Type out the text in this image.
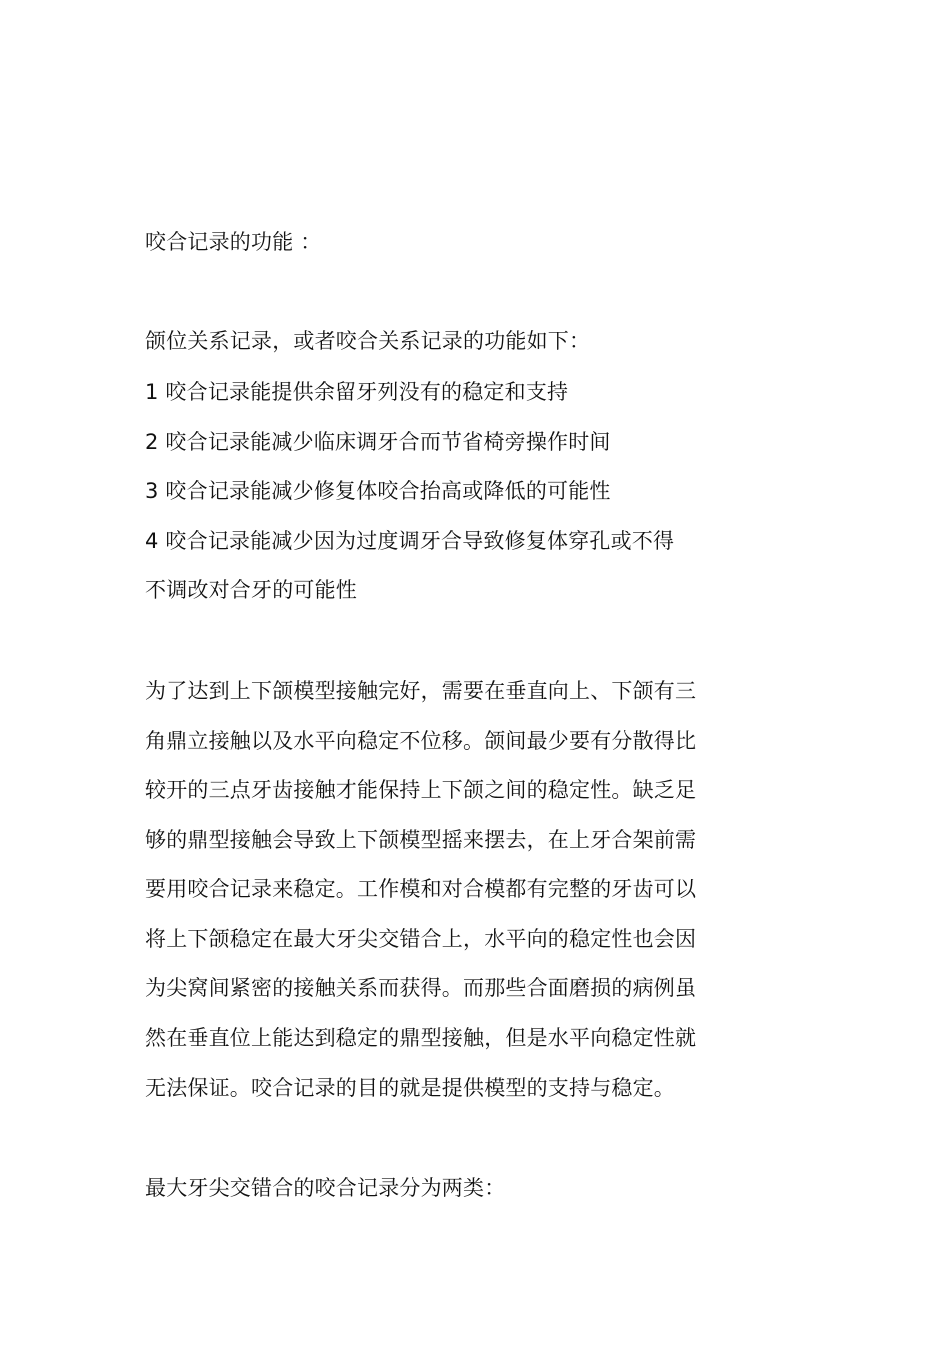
咬合记录的功能 ：
颌位关系记录，或者咬合关系记录的功能如下：
1 咬合记录能提供余留牙列没有的稳定和支持
2 咬合记录能减少临床调牙合而节省椅旁操作时间
3 咬合记录能减少修复体咬合抬高或降低的可能性
4 咬合记录能减少因为过度调牙合导致修复体穿孔或不得
不调改对合牙的可能性
为了达到上下颌模型接触完好，需要在垂直向上、下颌有三
角鼎立接触以及水平向稳定不位移。颌间最少要有分散得比
较开的三点牙齿接触才能保持上下颌之间的稳定性。缺乏足
够的鼎型接触会导致上下颌模型摇来摆去，在上牙合架前需
要用咬合记录来稳定。工作模和对合模都有完整的牙齿可以
将上下颌稳定在最大牙尖交错合上，水平向的稳定性也会因
为尖窝间紧密的接触关系而获得。而那些合面磨损的病例虽
然在垂直位上能达到稳定的鼎型接触，但是水平向稳定性就
无法保证。咬合记录的目的就是提供模型的支持与稳定。
最大牙尖交错合的咬合记录分为两类：
